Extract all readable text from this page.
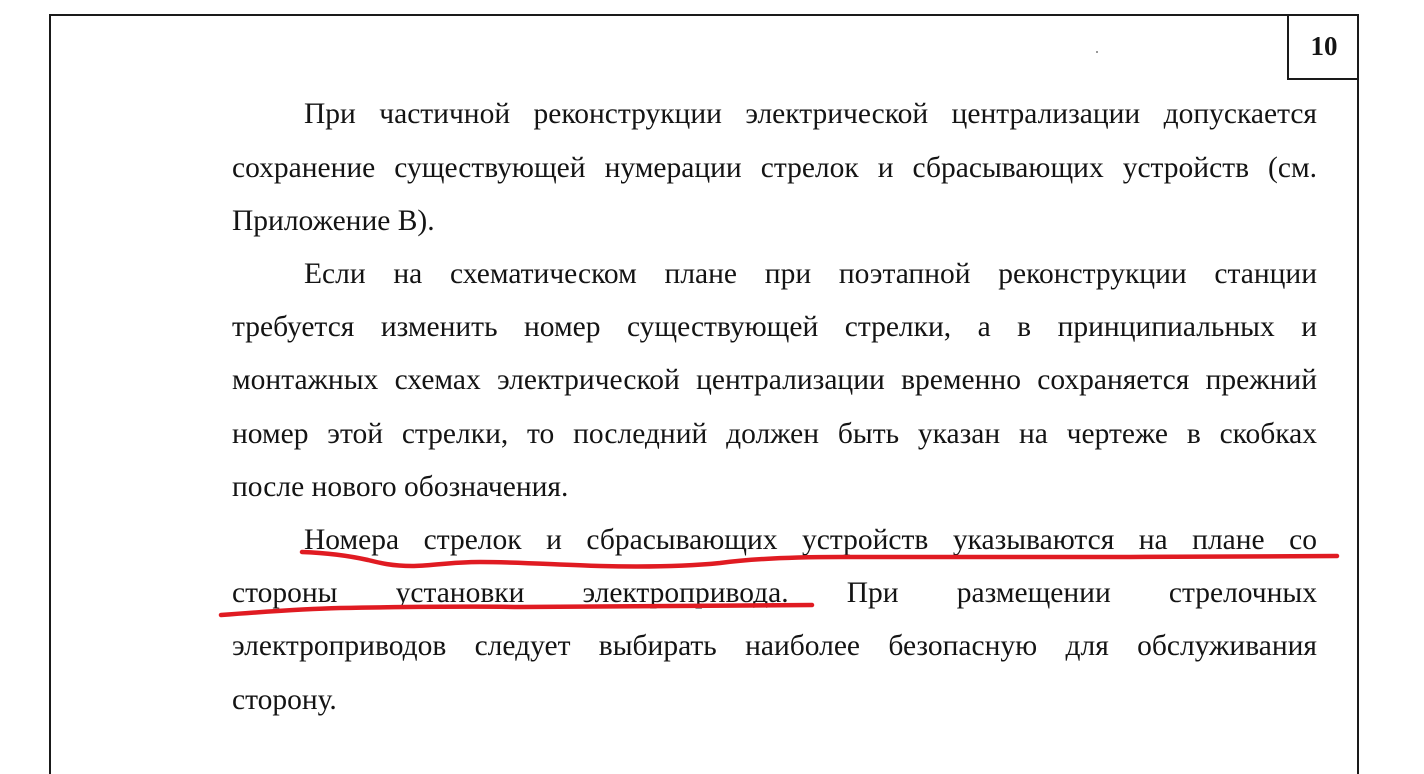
10
При частичной реконструкции электрической централизации допускается
сохранение существующей нумерации стрелок и сбрасывающих устройств (см.
Приложение В).
Если на схематическом плане при поэтапной реконструкции станции
требуется изменить номер существующей стрелки, а в принципиальных и
монтажных схемах электрической централизации временно сохраняется прежний
номер этой стрелки, то последний должен быть указан на чертеже в скобках
после нового обозначения.
Номера стрелок и сбрасывающих устройств указываются на плане со
стороны установки электропривода. При размещении стрелочных
электроприводов следует выбирать наиболее безопасную для обслуживания
сторону.
